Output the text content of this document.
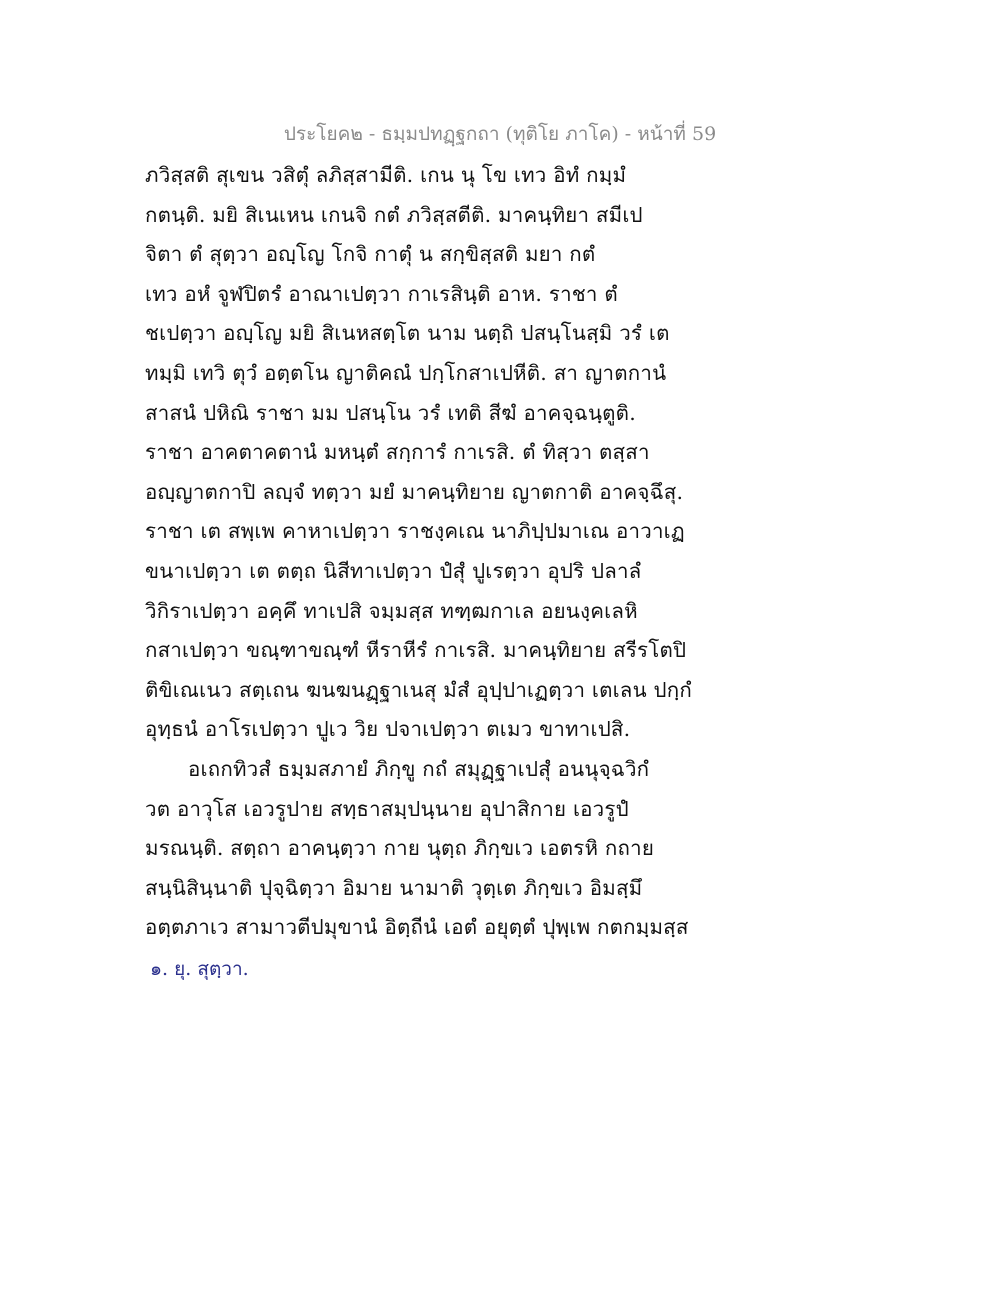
ประโยค๒ - ธมฺมปทฏฺฐกถา (ทุติโย ภาโค) - หน้าที่ 59
ภวิสฺสติ สุเขน วสิตุํ ลภิสฺสามีติ. เกน นุ โข เทว อิทํ กมฺมํ
กตนฺติ. มยิ สิเนเหน เกนจิ กตํ ภวิสฺสตีติ. มาคนฺทิยา สมีเป
จิตา ตํ สุตฺวา อญฺโญ โกจิ กาตุํ น สกฺขิสฺสติ มยา กตํ
เทว อหํ จูฬปิตรํ อาณาเปตฺวา กาเรสินฺติ อาห. ราชา ตํ
ชเปตฺวา อญฺโญ มยิ สิเนหสตฺโต นาม นตฺถิ ปสนฺโนสฺมิ วรํ เต
ทมฺมิ เทวิ ตุวํ อตฺตโน ญาติคณํ ปกฺโกสาเปหีติ. สา ญาตกานํ
สาสนํ ปหิณิ ราชา มม ปสนฺโน วรํ เทติ สีฆํ อาคจฺฉนฺตูติ.
ราชา อาคตาคตานํ มหนฺตํ สกฺการํ กาเรสิ. ตํ ทิสฺวา ตสฺสา
อญฺญาตกาปิ ลญฺจํ ทตฺวา มยํ มาคนฺทิยาย ญาตกาติ อาคจฺฉึสุ.
ราชา เต สพฺเพ คาหาเปตฺวา ราชงฺคเณ นาภิปฺปมาเณ อาวาเฏ
ขนาเปตฺวา เต ตตฺถ นิสีทาเปตฺวา ปํสุํ ปูเรตฺวา อุปริ ปลาลํ
วิกิราเปตฺวา อคฺคึ ทาเปสิ จมฺมสฺส ทฑฺฒกาเล อยนงฺคเลหิ
กสาเปตฺวา ขณฺฑาขณฺฑํ หีราหีรํ กาเรสิ. มาคนฺทิยาย สรีรโตปิ
ติขิเณเนว สตฺเถน ฆนฆนฏฺฐาเนสุ มํสํ อุปฺปาเฏตฺวา เตเลน ปกฺกํ
อุทฺธนํ อาโรเปตฺวา ปูเว วิย ปจาเปตฺวา ตเมว ขาทาเปสิ.
อเถกทิวสํ ธมฺมสภายํ ภิกฺขู กถํ สมุฏฺฐาเปสุํ อนนุจฺฉวิกํ
วต อาวุโส เอวรูปาย สทฺธาสมฺปนฺนาย อุปาสิกาย เอวรูปํ
มรณนฺติ. สตฺถา อาคนฺตฺวา กาย นุตฺถ ภิกฺขเว เอตรหิ กถาย
สนฺนิสินฺนาติ ปุจฺฉิตฺวา อิมาย นามาติ วุตฺเต ภิกฺขเว อิมสฺมึ
อตฺตภาเว สามาวตีปมุขานํ อิตฺถีนํ เอตํ อยุตฺตํ ปุพฺเพ กตกมฺมสฺส
๑. ยุ. สุตฺวา.
